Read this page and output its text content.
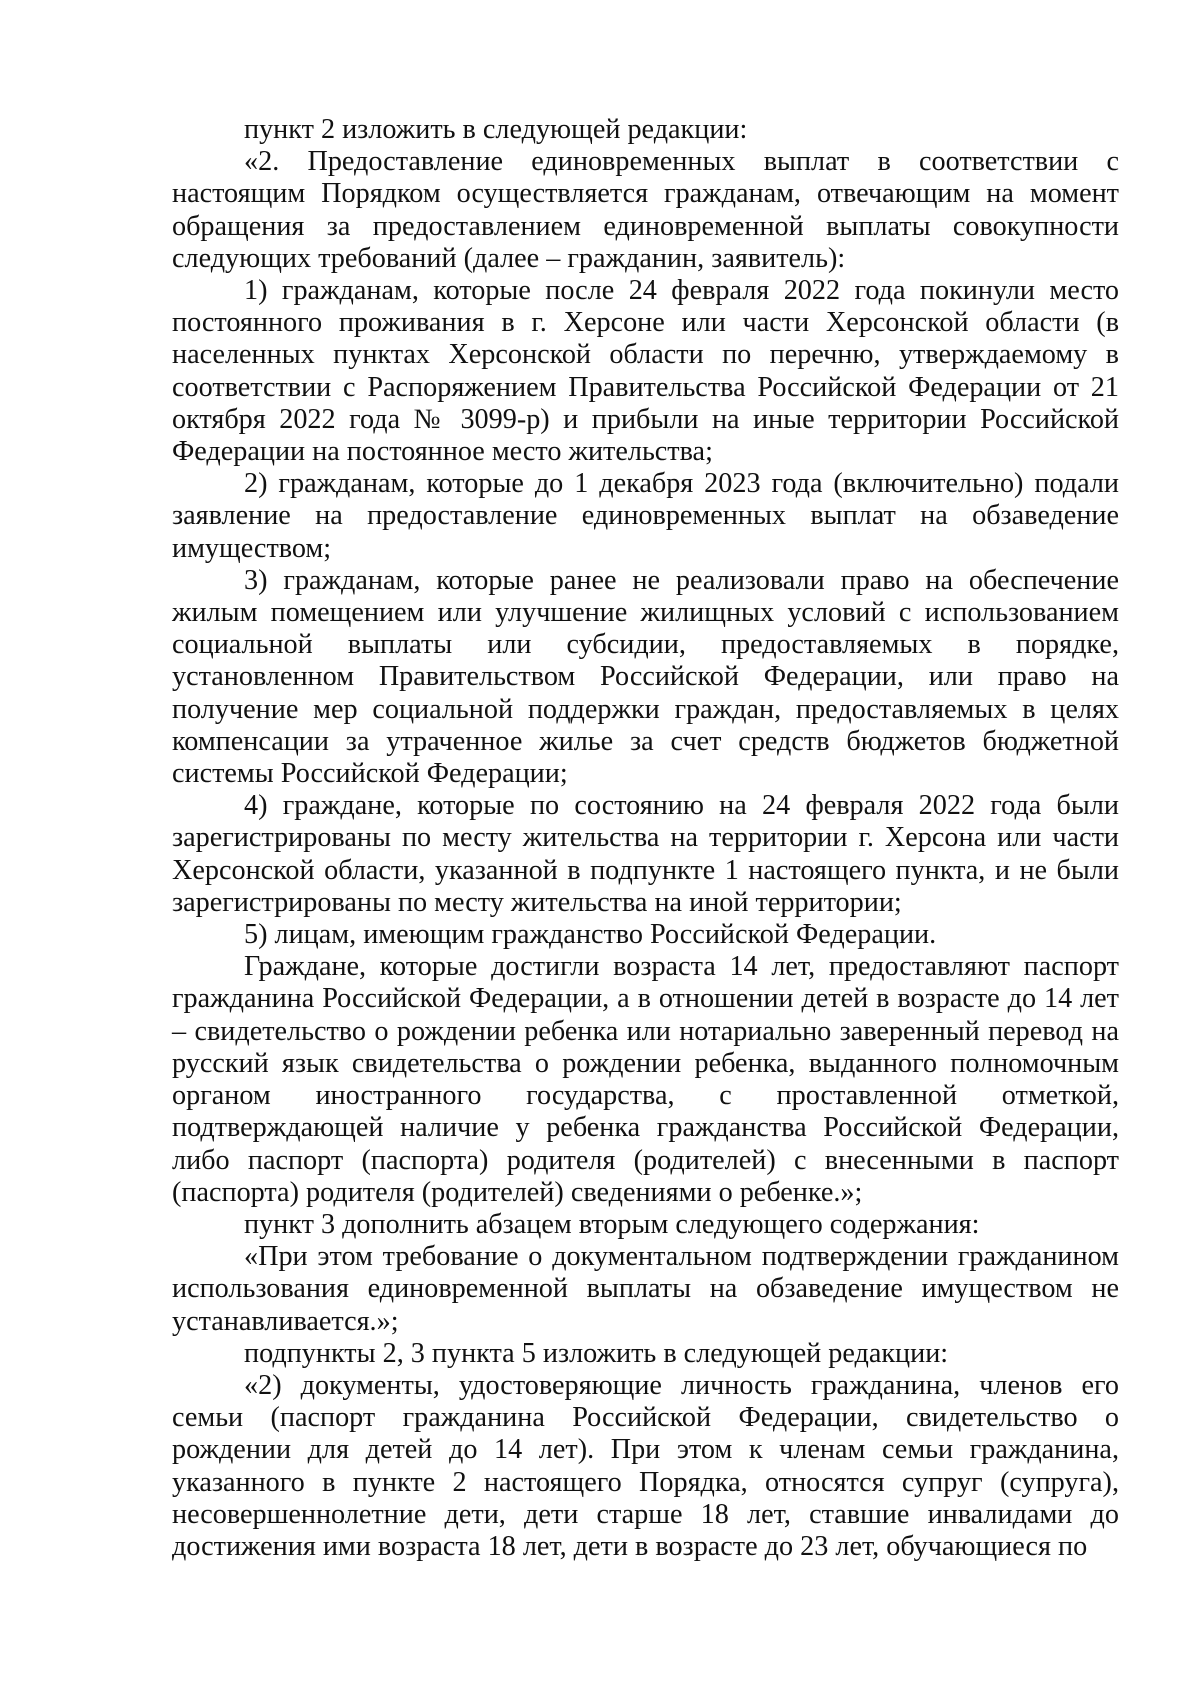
пункт 2 изложить в следующей редакции:

«2. Предоставление единовременных выплат в соответствии с настоящим Порядком осуществляется гражданам, отвечающим на момент обращения за предоставлением единовременной выплаты совокупности следующих требований (далее – гражданин, заявитель):

1) гражданам, которые после 24 февраля 2022 года покинули место постоянного проживания в г. Херсоне или части Херсонской области (в населенных пунктах Херсонской области по перечню, утверждаемому в соответствии с Распоряжением Правительства Российской Федерации от 21 октября 2022 года № 3099-р) и прибыли на иные территории Российской Федерации на постоянное место жительства;

2) гражданам, которые до 1 декабря 2023 года (включительно) подали заявление на предоставление единовременных выплат на обзаведение имуществом;

3) гражданам, которые ранее не реализовали право на обеспечение жилым помещением или улучшение жилищных условий с использованием социальной выплаты или субсидии, предоставляемых в порядке, установленном Правительством Российской Федерации, или право на получение мер социальной поддержки граждан, предоставляемых в целях компенсации за утраченное жилье за счет средств бюджетов бюджетной системы Российской Федерации;

4) граждане, которые по состоянию на 24 февраля 2022 года были зарегистрированы по месту жительства на территории г. Херсона или части Херсонской области, указанной в подпункте 1 настоящего пункта, и не были зарегистрированы по месту жительства на иной территории;

5) лицам, имеющим гражданство Российской Федерации.

Граждане, которые достигли возраста 14 лет, предоставляют паспорт гражданина Российской Федерации, а в отношении детей в возрасте до 14 лет – свидетельство о рождении ребенка или нотариально заверенный перевод на русский язык свидетельства о рождении ребенка, выданного полномочным органом иностранного государства, с проставленной отметкой, подтверждающей наличие у ребенка гражданства Российской Федерации, либо паспорт (паспорта) родителя (родителей) с внесенными в паспорт (паспорта) родителя (родителей) сведениями о ребенке.»;

пункт 3 дополнить абзацем вторым следующего содержания:

«При этом требование о документальном подтверждении гражданином использования единовременной выплаты на обзаведение имуществом не устанавливается.»;

подпункты 2, 3 пункта 5 изложить в следующей редакции:

«2) документы, удостоверяющие личность гражданина, членов его семьи (паспорт гражданина Российской Федерации, свидетельство о рождении для детей до 14 лет). При этом к членам семьи гражданина, указанного в пункте 2 настоящего Порядка, относятся супруг (супруга), несовершеннолетние дети, дети старше 18 лет, ставшие инвалидами до достижения ими возраста 18 лет, дети в возрасте до 23 лет, обучающиеся по
